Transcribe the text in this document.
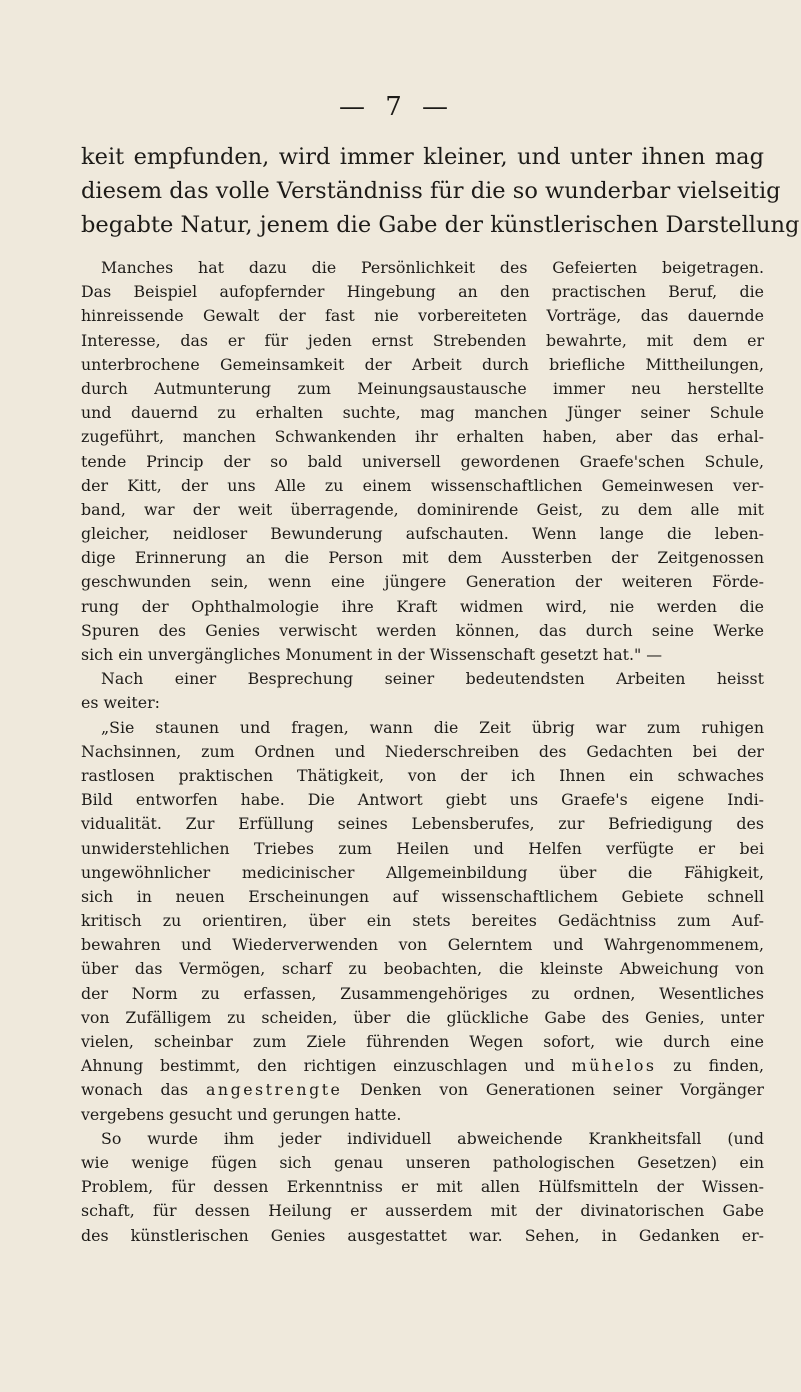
— 7 —
keit empfunden, wird immer kleiner, und unter ihnen mag
diesem das volle Verständniss für die so wunderbar vielseitig
begabte Natur, jenem die Gabe der künstlerischen Darstellung
Manches hat dazu die Persönlichkeit des Gefeierten beigetragen.
Das Beispiel aufopfernder Hingebung an den practischen Beruf, die
hinreissende Gewalt der fast nie vorbereiteten Vorträge, das dauernde
Interesse, das er für jeden ernst Strebenden bewahrte, mit dem er
unterbrochene Gemeinsamkeit der Arbeit durch briefliche Mittheilungen,
durch Autmunterung zum Meinungsaustausche immer neu herstellte
und dauernd zu erhalten suchte, mag manchen Jünger seiner Schule
zugeführt, manchen Schwankenden ihr erhalten haben, aber das erhal-
tende Princip der so bald universell gewordenen Graefe'schen Schule,
der Kitt, der uns Alle zu einem wissenschaftlichen Gemeinwesen ver-
band, war der weit überragende, dominirende Geist, zu dem alle mit
gleicher, neidloser Bewunderung aufschauten. Wenn lange die leben-
dige Erinnerung an die Person mit dem Aussterben der Zeitgenossen
geschwunden sein, wenn eine jüngere Generation der weiteren Förde-
rung der Ophthalmologie ihre Kraft widmen wird, nie werden die
Spuren des Genies verwischt werden können, das durch seine Werke
sich ein unvergängliches Monument in der Wissenschaft gesetzt hat." —
Nach einer Besprechung seiner bedeutendsten Arbeiten heisst
es weiter:
„Sie staunen und fragen, wann die Zeit übrig war zum ruhigen
Nachsinnen, zum Ordnen und Niederschreiben des Gedachten bei der
rastlosen praktischen Thätigkeit, von der ich Ihnen ein schwaches
Bild entworfen habe. Die Antwort giebt uns Graefe's eigene Indi-
vidualität. Zur Erfüllung seines Lebensberufes, zur Befriedigung des
unwiderstehlichen Triebes zum Heilen und Helfen verfügte er bei
ungewöhnlicher medicinischer Allgemeinbildung über die Fähigkeit,
sich in neuen Erscheinungen auf wissenschaftlichem Gebiete schnell
kritisch zu orientiren, über ein stets bereites Gedächtniss zum Auf-
bewahren und Wiederverwenden von Gelerntem und Wahrgenommenem,
über das Vermögen, scharf zu beobachten, die kleinste Abweichung von
der Norm zu erfassen, Zusammengehöriges zu ordnen, Wesentliches
von Zufälligem zu scheiden, über die glückliche Gabe des Genies, unter
vielen, scheinbar zum Ziele führenden Wegen sofort, wie durch eine
Ahnung bestimmt, den richtigen einzuschlagen und mühelos zu finden,
wonach das angestrengte Denken von Generationen seiner Vorgänger
vergebens gesucht und gerungen hatte.
So wurde ihm jeder individuell abweichende Krankheitsfall (und
wie wenige fügen sich genau unseren pathologischen Gesetzen) ein
Problem, für dessen Erkenntniss er mit allen Hülfsmitteln der Wissen-
schaft, für dessen Heilung er ausserdem mit der divinatorischen Gabe
des künstlerischen Genies ausgestattet war. Sehen, in Gedanken er-
